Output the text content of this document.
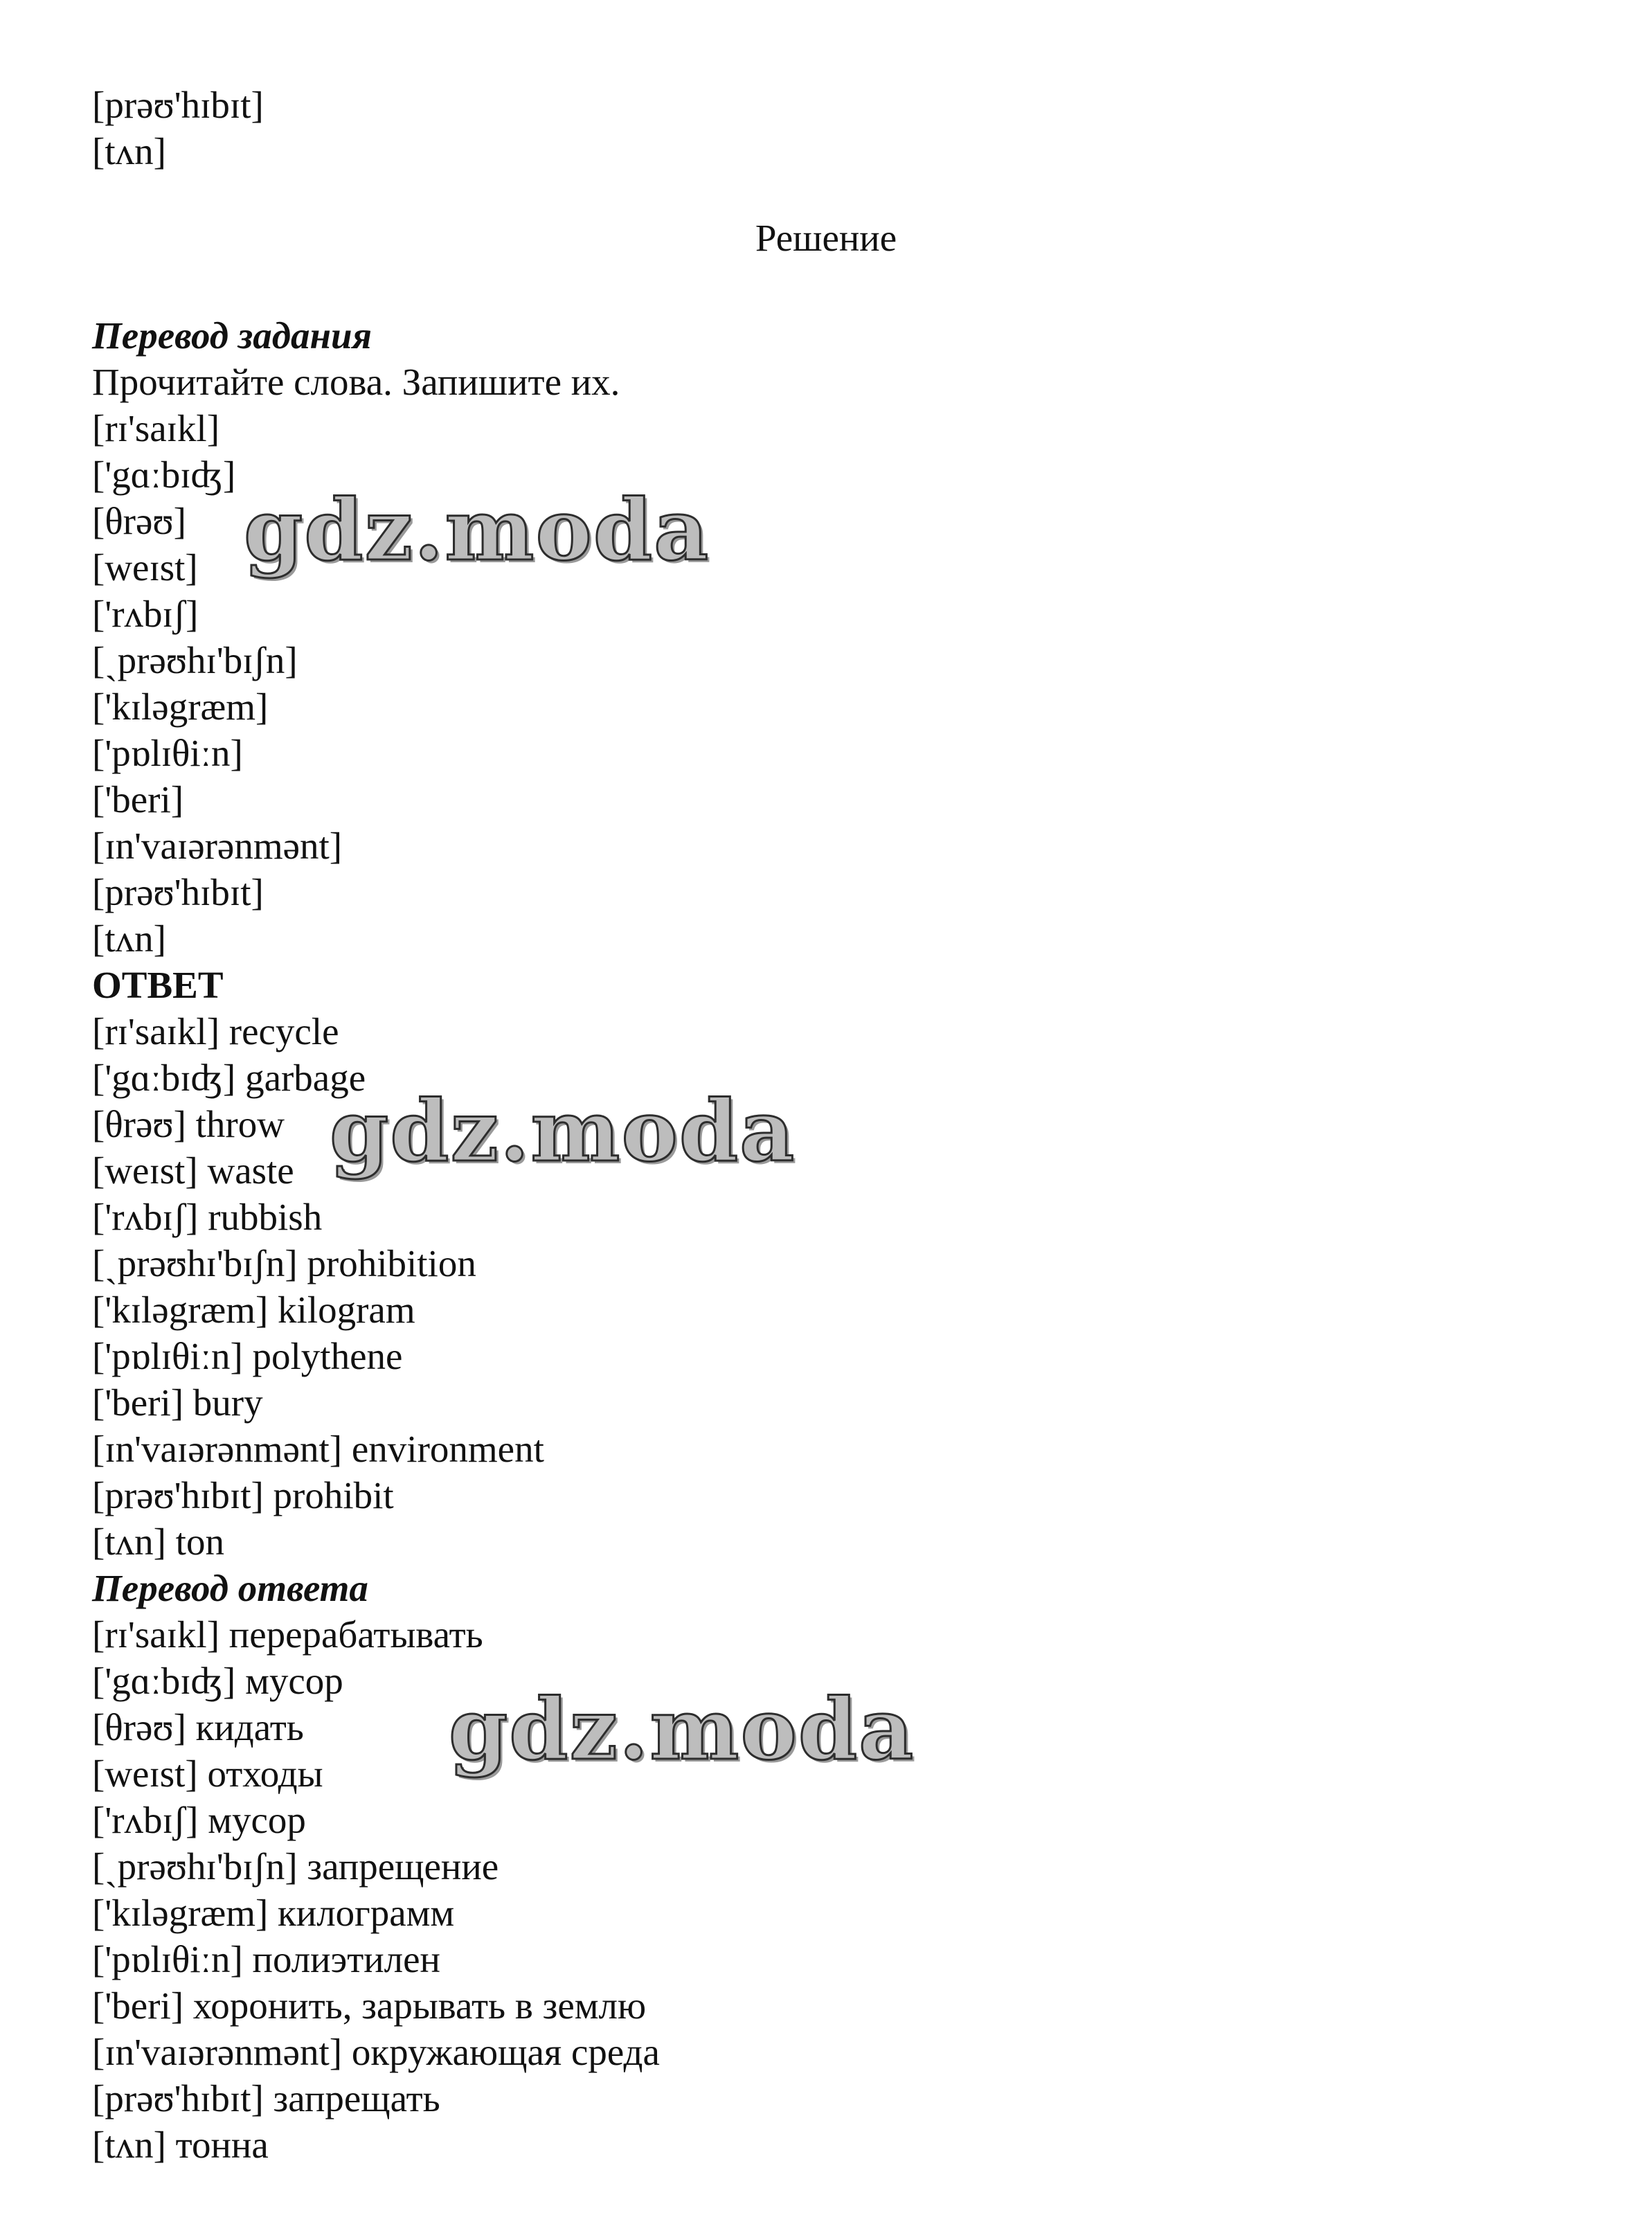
[prəʊ'hɪbɪt]
[tʌn]
Перевод задания
Прочитайте слова. Запишите их.
[rɪ'saɪkl]
['gɑːbɪʤ]
[θrəʊ]
[weɪst]
['rʌbɪʃ]
[ˏprəʊhɪ'bɪʃn]
['kɪləgræm]
['pɒlɪθiːn]
['beri]
[ɪn'vaɪərənmənt]
[prəʊ'hɪbɪt]
[tʌn]
ОТВЕТ
[rɪ'saɪkl] recycle
['gɑːbɪʤ] garbage
[θrəʊ] throw
[weɪst] waste
['rʌbɪʃ] rubbish
[ˏprəʊhɪ'bɪʃn] prohibition
['kɪləgræm] kilogram
['pɒlɪθiːn] polythene
['beri] bury
[ɪn'vaɪərənmənt] environment
[prəʊ'hɪbɪt] prohibit
[tʌn] ton
Перевод ответа
[rɪ'saɪkl] перерабатывать
['gɑːbɪʤ] мусор
[θrəʊ] кидать
[weɪst] отходы
['rʌbɪʃ] мусор
[ˏprəʊhɪ'bɪʃn] запрещение
['kɪləgræm] килограмм
['pɒlɪθiːn] полиэтилен
['beri] хоронить, зарывать в землю
[ɪn'vaɪərənmənt] окружающая среда
[prəʊ'hɪbɪt] запрещать
[tʌn] тонна
Решение
gdz.moda
gdz.moda
gdz.moda
